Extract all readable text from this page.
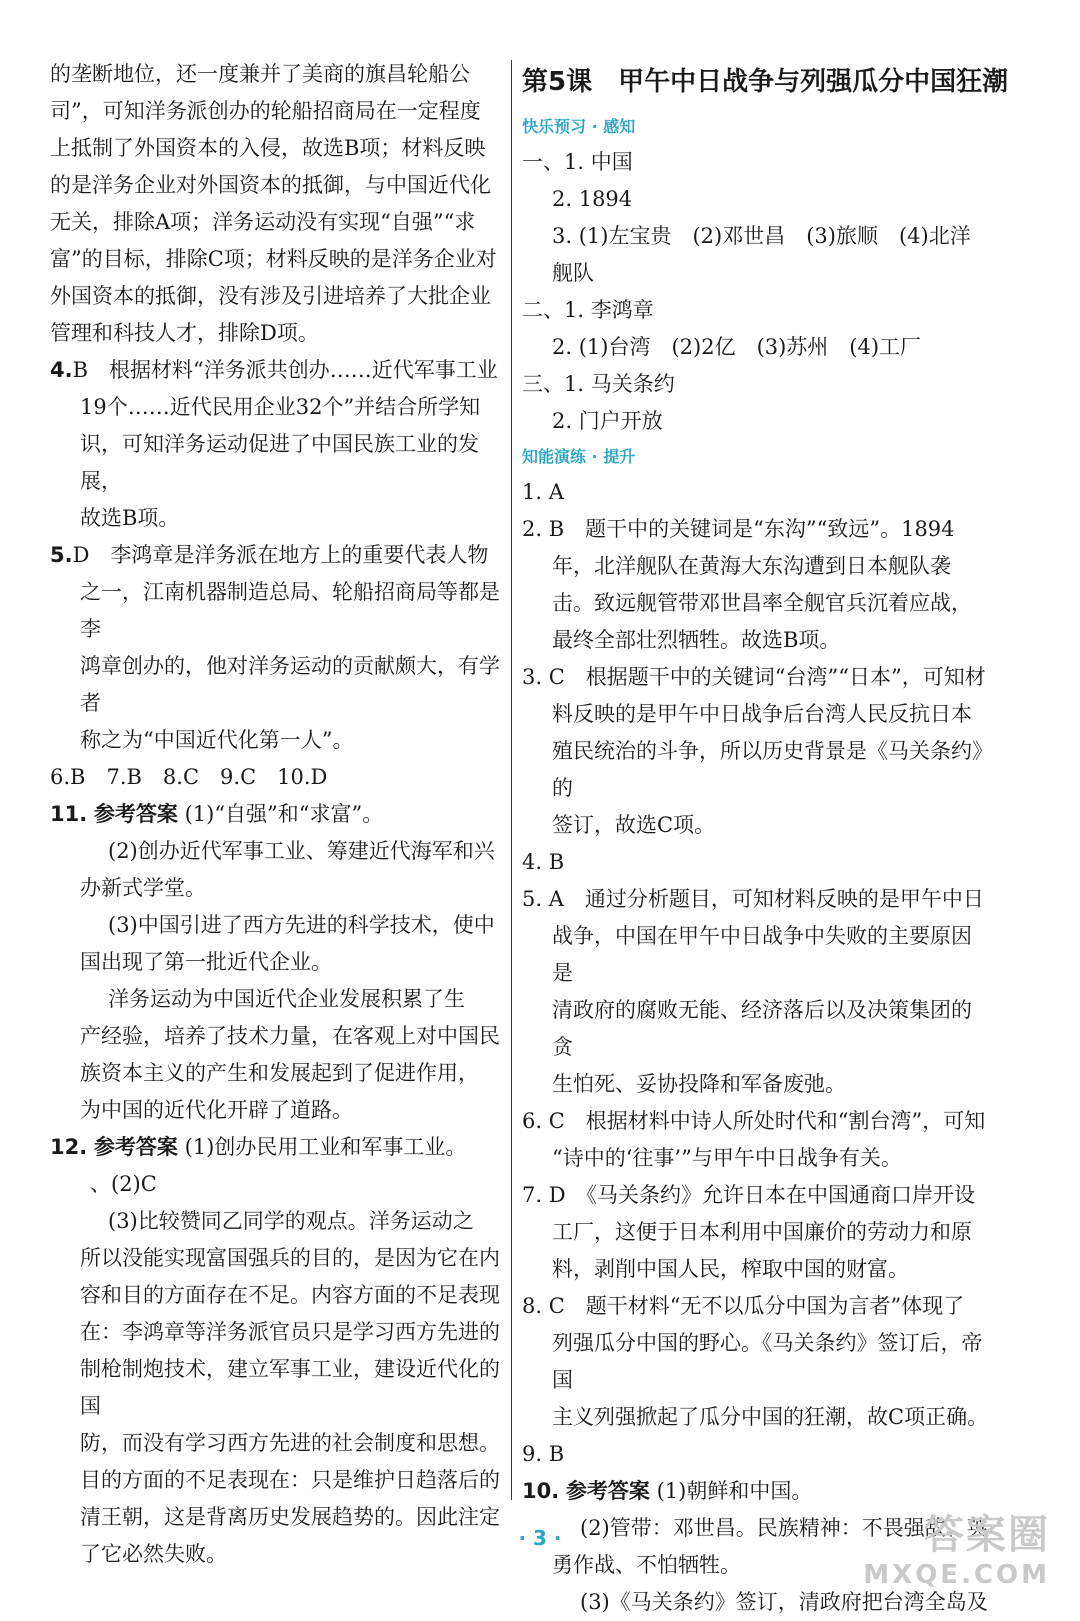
的垄断地位，还一度兼并了美商的旗昌轮船公

司”，可知洋务派创办的轮船招商局在一定程度

上抵制了外国资本的入侵，故选B项；材料反映

的是洋务企业对外国资本的抵御，与中国近代化

无关，排除A项；洋务运动没有实现“自强”“求

富”的目标，排除C项；材料反映的是洋务企业对

外国资本的抵御，没有涉及引进培养了大批企业

管理和科技人才，排除D项。

4.B　根据材料“洋务派共创办……近代军事工业

19个……近代民用企业32个”并结合所学知

识，可知洋务运动促进了中国民族工业的发展，

故选B项。

5.D　李鸿章是洋务派在地方上的重要代表人物

之一，江南机器制造总局、轮船招商局等都是李

鸿章创办的，他对洋务运动的贡献颇大，有学者

称之为“中国近代化第一人”。

6.B　7.B　8.C　9.C　10.D

11. 参考答案 (1)“自强”和“求富”。

(2)创办近代军事工业、筹建近代海军和兴

办新式学堂。

(3)中国引进了西方先进的科学技术，使中

国出现了第一批近代企业。

洋务运动为中国近代企业发展积累了生

产经验，培养了技术力量，在客观上对中国民

族资本主义的产生和发展起到了促进作用，

为中国的近代化开辟了道路。

12. 参考答案 (1)创办民用工业和军事工业。

、(2)C

(3)比较赞同乙同学的观点。洋务运动之

所以没能实现富国强兵的目的，是因为它在内

容和目的方面存在不足。内容方面的不足表现

在：李鸿章等洋务派官员只是学习西方先进的

制枪制炮技术，建立军事工业，建设近代化的国

防，而没有学习西方先进的社会制度和思想。

目的方面的不足表现在：只是维护日趋落后的

清王朝，这是背离历史发展趋势的。因此注定

了它必然失败。

第5课　甲午中日战争与列强瓜分中国狂潮
快乐预习 · 感知

一、1. 中国

2. 1894

3. (1)左宝贵　(2)邓世昌　(3)旅顺　(4)北洋

舰队

二、1. 李鸿章

2. (1)台湾　(2)2亿　(3)苏州　(4)工厂

三、1. 马关条约

2. 门户开放

知能演练 · 提升

1. A

2. B　题干中的关键词是“东沟”“致远”。1894

年，北洋舰队在黄海大东沟遭到日本舰队袭

击。致远舰管带邓世昌率全舰官兵沉着应战，

最终全部壮烈牺牲。故选B项。

3. C　根据题干中的关键词“台湾”“日本”，可知材

料反映的是甲午中日战争后台湾人民反抗日本

殖民统治的斗争，所以历史背景是《马关条约》的

签订，故选C项。

4. B

5. A　通过分析题目，可知材料反映的是甲午中日

战争，中国在甲午中日战争中失败的主要原因是

清政府的腐败无能、经济落后以及决策集团的贪

生怕死、妥协投降和军备废弛。

6. C　根据材料中诗人所处时代和“割台湾”，可知

“诗中的‘往事’”与甲午中日战争有关。

7. D　《马关条约》允许日本在中国通商口岸开设

工厂，这便于日本利用中国廉价的劳动力和原

料，剥削中国人民，榨取中国的财富。

8. C　题干材料“无不以瓜分中国为言者”体现了

列强瓜分中国的野心。《马关条约》签订后，帝国

主义列强掀起了瓜分中国的狂潮，故C项正确。

9. B

10. 参考答案 (1)朝鲜和中国。

(2)管带：邓世昌。民族精神：不畏强敌、英

勇作战、不怕牺牲。

(3)《马关条约》签订，清政府把台湾全岛及

· 3 ·	答案圈
MXQE.COM
